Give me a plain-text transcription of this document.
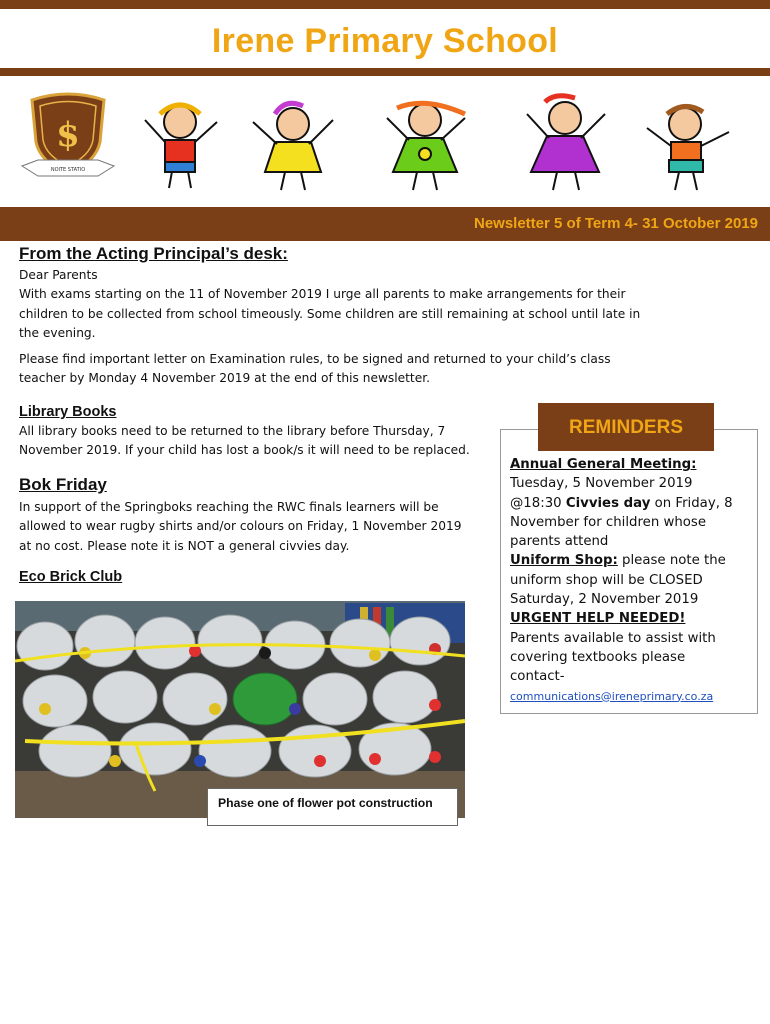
Irene Primary School
$
NOITE STATIO
Newsletter 5 of Term 4- 31 October 2019
From the Acting Principal’s desk:
Dear Parents
With exams starting on the 11 of November 2019 I urge all parents to make arrangements for their
children to be collected from school timeously. Some children are still remaining at school until late in
the evening.
Please find important letter on Examination rules, to be signed and returned to your child’s class
teacher by Monday 4 November 2019 at the end of this newsletter.
Library Books
All library books need to be returned to the library before Thursday, 7
November 2019. If your child has lost a book/s it will need to be replaced.
Bok Friday
In support of the Springboks reaching the RWC finals learners will be
allowed to wear rugby shirts and/or colours on Friday, 1 November 2019
at no cost. Please note it is NOT a general civvies day.
Eco Brick Club
Phase one of flower pot construction
REMINDERS
Annual General Meeting:
Tuesday, 5 November 2019
@18:30 Civvies day on Friday, 8
November for children whose
parents attend
Uniform Shop: please note the
uniform shop will be CLOSED
Saturday, 2 November 2019
URGENT HELP NEEDED!
Parents available to assist with
covering textbooks please
contact-
communications@ireneprimary.co.za
